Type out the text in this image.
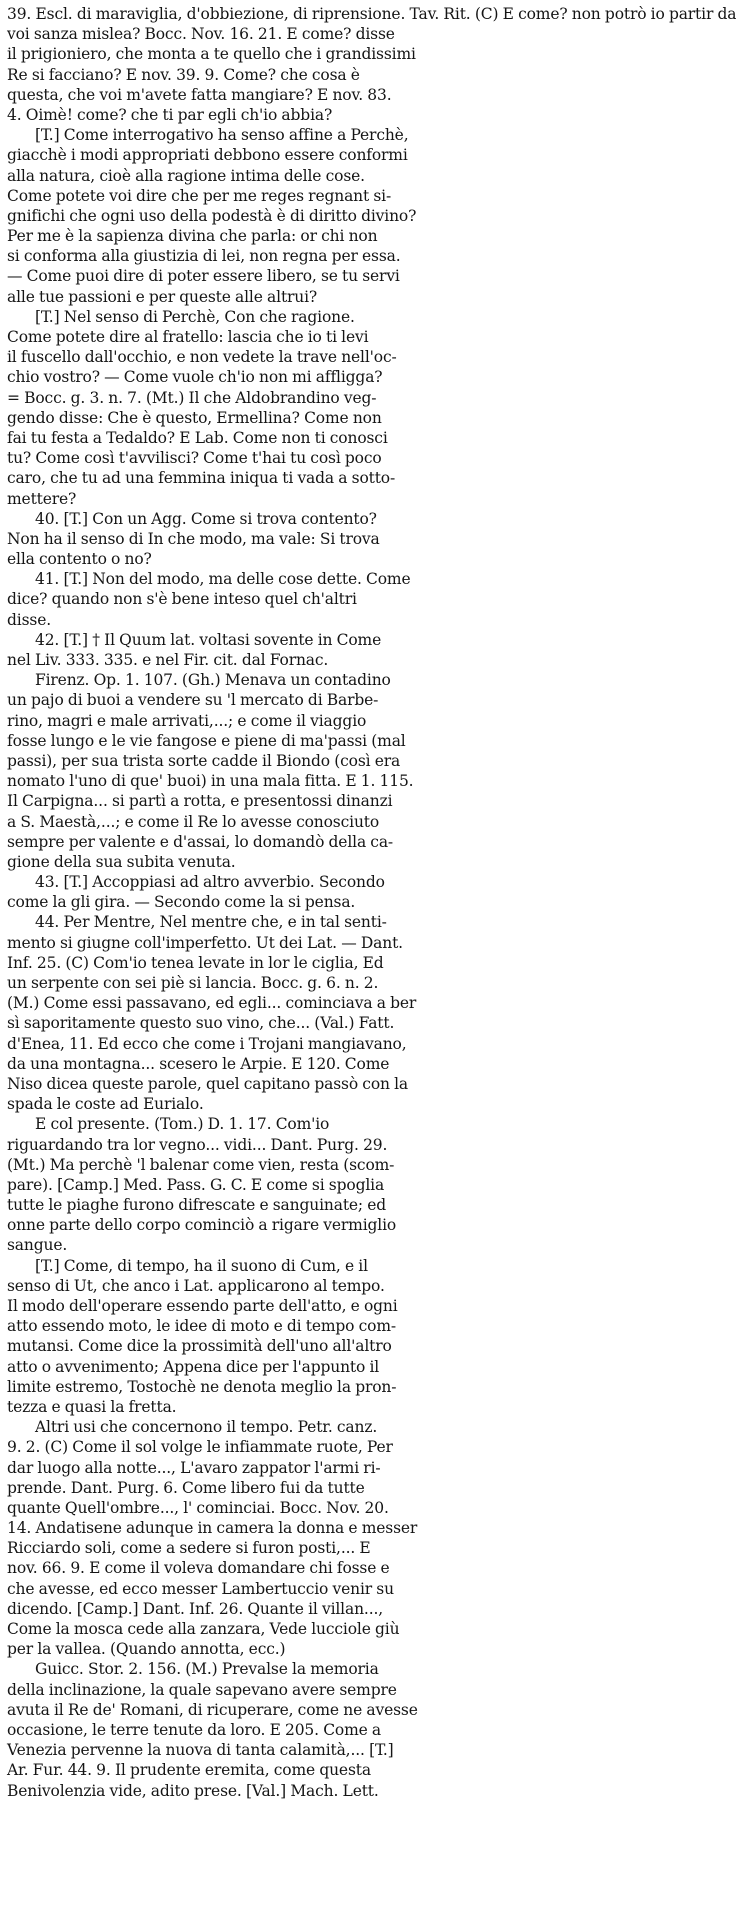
39. Escl. di maraviglia, d'obbiezione, di riprensione. Tav. Rit. (C) E come? non potrò io partir da
voi sanza mislea? Bocc. Nov. 16. 21. E come? disse
il prigioniero, che monta a te quello che i grandissimi
Re si facciano? E nov. 39. 9. Come? che cosa è
questa, che voi m'avete fatta mangiare? E nov. 83.
4. Oimè! come? che ti par egli ch'io abbia?
[T.] Come interrogativo ha senso affine a Perchè,
giacchè i modi appropriati debbono essere conformi
alla natura, cioè alla ragione intima delle cose.
Come potete voi dire che per me reges regnant si-
gnifichi che ogni uso della podestà è di diritto divino?
Per me è la sapienza divina che parla: or chi non
si conforma alla giustizia di lei, non regna per essa.
— Come puoi dire di poter essere libero, se tu servi
alle tue passioni e per queste alle altrui?
[T.] Nel senso di Perchè, Con che ragione.
Come potete dire al fratello: lascia che io ti levi
il fuscello dall'occhio, e non vedete la trave nell'oc-
chio vostro? — Come vuole ch'io non mi affligga?
= Bocc. g. 3. n. 7. (Mt.) Il che Aldobrandino veg-
gendo disse: Che è questo, Ermellina? Come non
fai tu festa a Tedaldo? E Lab. Come non ti conosci
tu? Come così t'avvilisci? Come t'hai tu così poco
caro, che tu ad una femmina iniqua ti vada a sotto-
mettere?
40. [T.] Con un Agg. Come si trova contento?
Non ha il senso di In che modo, ma vale: Si trova
ella contento o no?
41. [T.] Non del modo, ma delle cose dette. Come
dice? quando non s'è bene inteso quel ch'altri
disse.
42. [T.] † Il Quum lat. voltasi sovente in Come
nel Liv. 333. 335. e nel Fir. cit. dal Fornac.
Firenz. Op. 1. 107. (Gh.) Menava un contadino
un pajo di buoi a vendere su 'l mercato di Barbe-
rino, magri e male arrivati,...; e come il viaggio
fosse lungo e le vie fangose e piene di ma'passi (mal
passi), per sua trista sorte cadde il Biondo (così era
nomato l'uno di que' buoi) in una mala fitta. E 1. 115.
Il Carpigna... si partì a rotta, e presentossi dinanzi
a S. Maestà,...; e come il Re lo avesse conosciuto
sempre per valente e d'assai, lo domandò della ca-
gione della sua subita venuta.
43. [T.] Accoppiasi ad altro avverbio. Secondo
come la gli gira. — Secondo come la si pensa.
44. Per Mentre, Nel mentre che, e in tal senti-
mento si giugne coll'imperfetto. Ut dei Lat. — Dant.
Inf. 25. (C) Com'io tenea levate in lor le ciglia, Ed
un serpente con sei piè si lancia. Bocc. g. 6. n. 2.
(M.) Come essi passavano, ed egli... cominciava a ber
sì saporitamente questo suo vino, che... (Val.) Fatt.
d'Enea, 11. Ed ecco che come i Trojani mangiavano,
da una montagna... scesero le Arpie. E 120. Come
Niso dicea queste parole, quel capitano passò con la
spada le coste ad Eurialo.
E col presente. (Tom.) D. 1. 17. Com'io
riguardando tra lor vegno... vidi... Dant. Purg. 29.
(Mt.) Ma perchè 'l balenar come vien, resta (scom-
pare). [Camp.] Med. Pass. G. C. E come si spoglia
tutte le piaghe furono difrescate e sanguinate; ed
onne parte dello corpo cominciò a rigare vermiglio
sangue.
[T.] Come, di tempo, ha il suono di Cum, e il
senso di Ut, che anco i Lat. applicarono al tempo.
Il modo dell'operare essendo parte dell'atto, e ogni
atto essendo moto, le idee di moto e di tempo com-
mutansi. Come dice la prossimità dell'uno all'altro
atto o avvenimento; Appena dice per l'appunto il
limite estremo, Tostochè ne denota meglio la pron-
tezza e quasi la fretta.
Altri usi che concernono il tempo. Petr. canz.
9. 2. (C) Come il sol volge le infiammate ruote, Per
dar luogo alla notte..., L'avaro zappator l'armi ri-
prende. Dant. Purg. 6. Come libero fui da tutte
quante Quell'ombre..., l' cominciai. Bocc. Nov. 20.
14. Andatisene adunque in camera la donna e messer
Ricciardo soli, come a sedere si furon posti,... E
nov. 66. 9. E come il voleva domandare chi fosse e
che avesse, ed ecco messer Lambertuccio venir su
dicendo. [Camp.] Dant. Inf. 26. Quante il villan...,
Come la mosca cede alla zanzara, Vede lucciole giù
per la vallea. (Quando annotta, ecc.)
Guicc. Stor. 2. 156. (M.) Prevalse la memoria
della inclinazione, la quale sapevano avere sempre
avuta il Re de' Romani, di ricuperare, come ne avesse
occasione, le terre tenute da loro. E 205. Come a
Venezia pervenne la nuova di tanta calamità,... [T.]
Ar. Fur. 44. 9. Il prudente eremita, come questa
Benivolenzia vide, adito prese. [Val.] Mach. Lett.
